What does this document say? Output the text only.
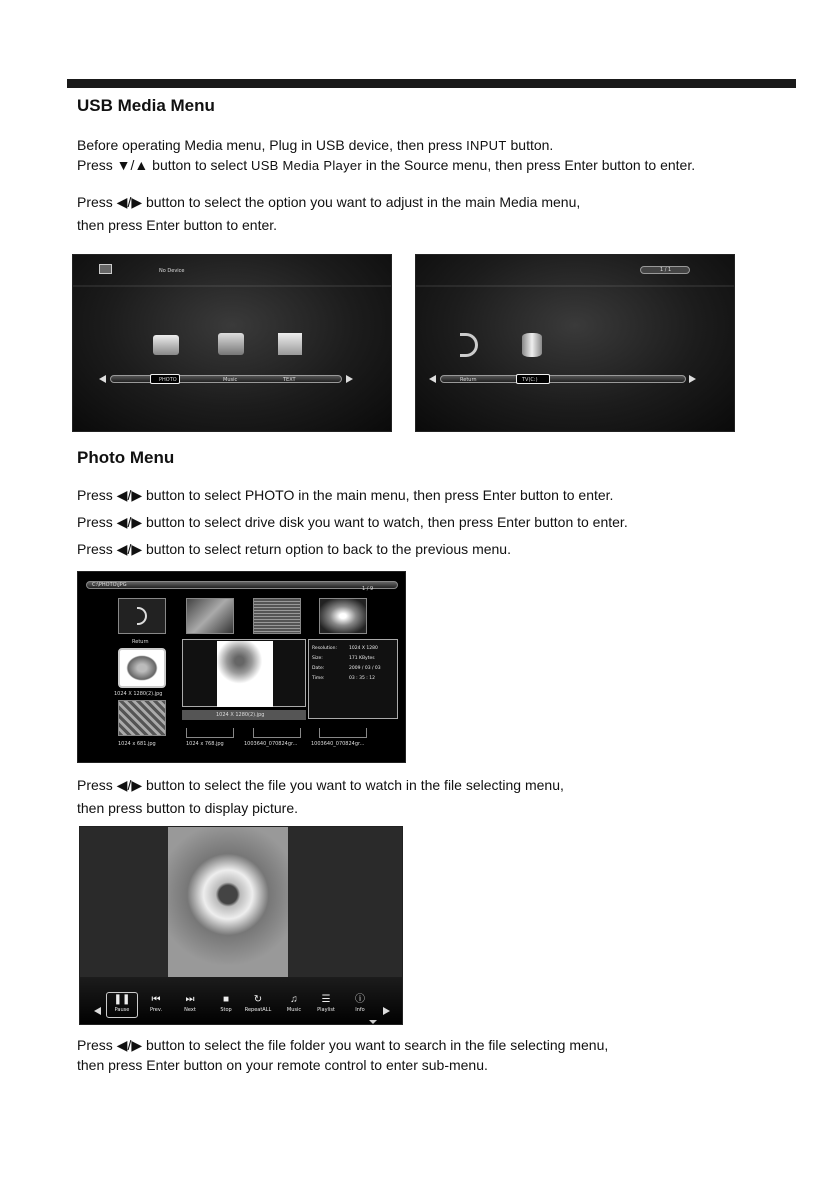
USB Media Menu
Before operating Media menu, Plug in USB device, then press INPUT button.
Press ▼/▲ button to select USB Media Player in the Source menu, then press Enter button to enter.
Press ◀/▶ button to select the option you want to adjust in the main Media menu,
then press Enter button to enter.
No Device
PHOTO	Music	TEXT
1 / 1
Return	TV(C:)
Photo Menu
Press ◀/▶ button to select PHOTO in the main menu, then press Enter button to enter.
Press ◀/▶ button to select drive disk you want to watch, then press Enter button to enter.
Press ◀/▶ button to select return option to back to the previous menu.
C:\PHOTO\JPG
1 / 9
Return
1024 X 1280(2).jpg
1024 X 1280(2).jpg
Resolution:	1024 X 1280
Size:	171 KBytes
Date:	2009 / 03 / 03
Time:	03 : 35 : 12
1024 x 681.jpg	1024 x 768.jpg	1003640_070824gr...	1003640_070824gr...
Press ◀/▶ button to select the file you want to watch in the file selecting menu,
then press button to display picture.
❚❚
Pause
⏮
Prev.
⏭
Next
■
Stop
↻
RepeatALL
♫
Music
☰
Playlist
ⓘ
Info
Press ◀/▶ button to select the file folder you want to search in the file selecting menu,
then press Enter button on your remote control to enter sub-menu.
